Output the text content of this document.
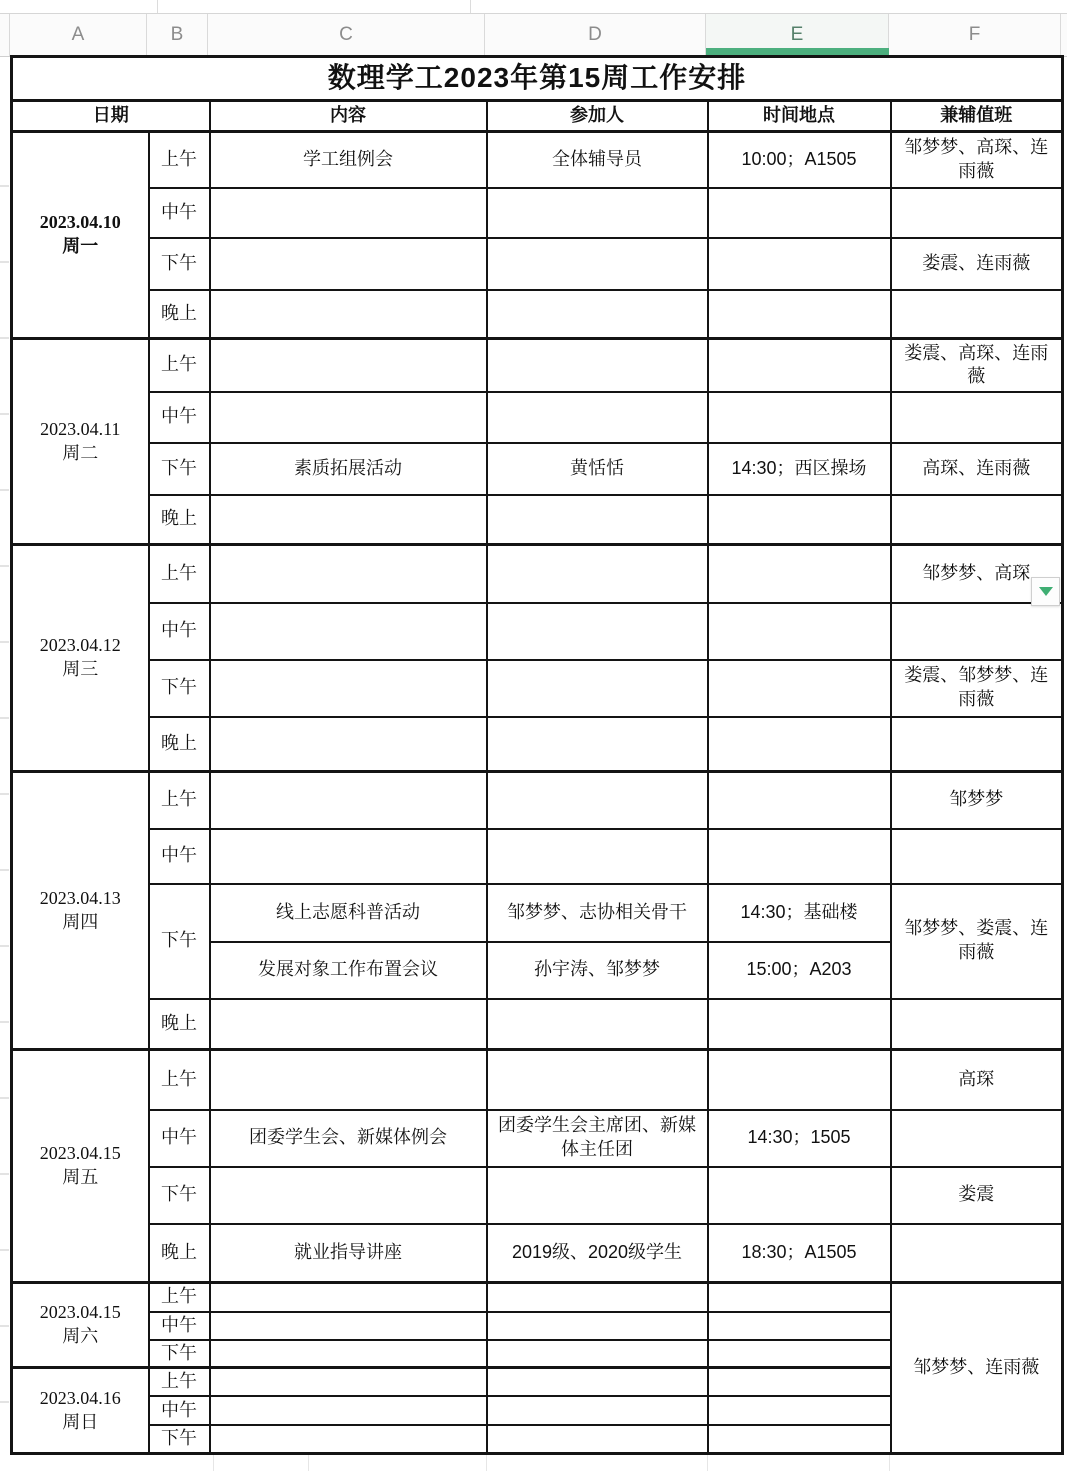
A	B	C	D	E	F
数理学工2023年第15周工作安排					
日期		内容	参加人	时间地点	兼辅值班
2023.04.10
周一	上午	学工组例会	全体辅导员	10:00；A1505	邹梦梦、高琛、连雨薇
	中午				
	下午				娄震、连雨薇
	晚上				
2023.04.11
周二	上午				娄震、高琛、连雨薇
	中午				
	下午	素质拓展活动	黄恬恬	14:30；西区操场	高琛、连雨薇
	晚上				
2023.04.12
周三	上午				邹梦梦、高琛
	中午				
	下午				娄震、邹梦梦、连雨薇
	晚上				
2023.04.13
周四	上午				邹梦梦
	中午				
	下午	线上志愿科普活动	邹梦梦、志协相关骨干	14:30；基础楼	邹梦梦、娄震、连雨薇
		发展对象工作布置会议	孙宇涛、邹梦梦	15:00；A203	
	晚上				
2023.04.15
周五	上午				高琛
	中午	团委学生会、新媒体例会	团委学生会主席团、新媒体主任团	14:30；1505	
	下午				娄震
	晚上	就业指导讲座	2019级、2020级学生	18:30；A1505	
2023.04.15
周六	上午				邹梦梦、连雨薇
	中午				
	下午				
2023.04.16
周日	上午				
	中午				
	下午				
